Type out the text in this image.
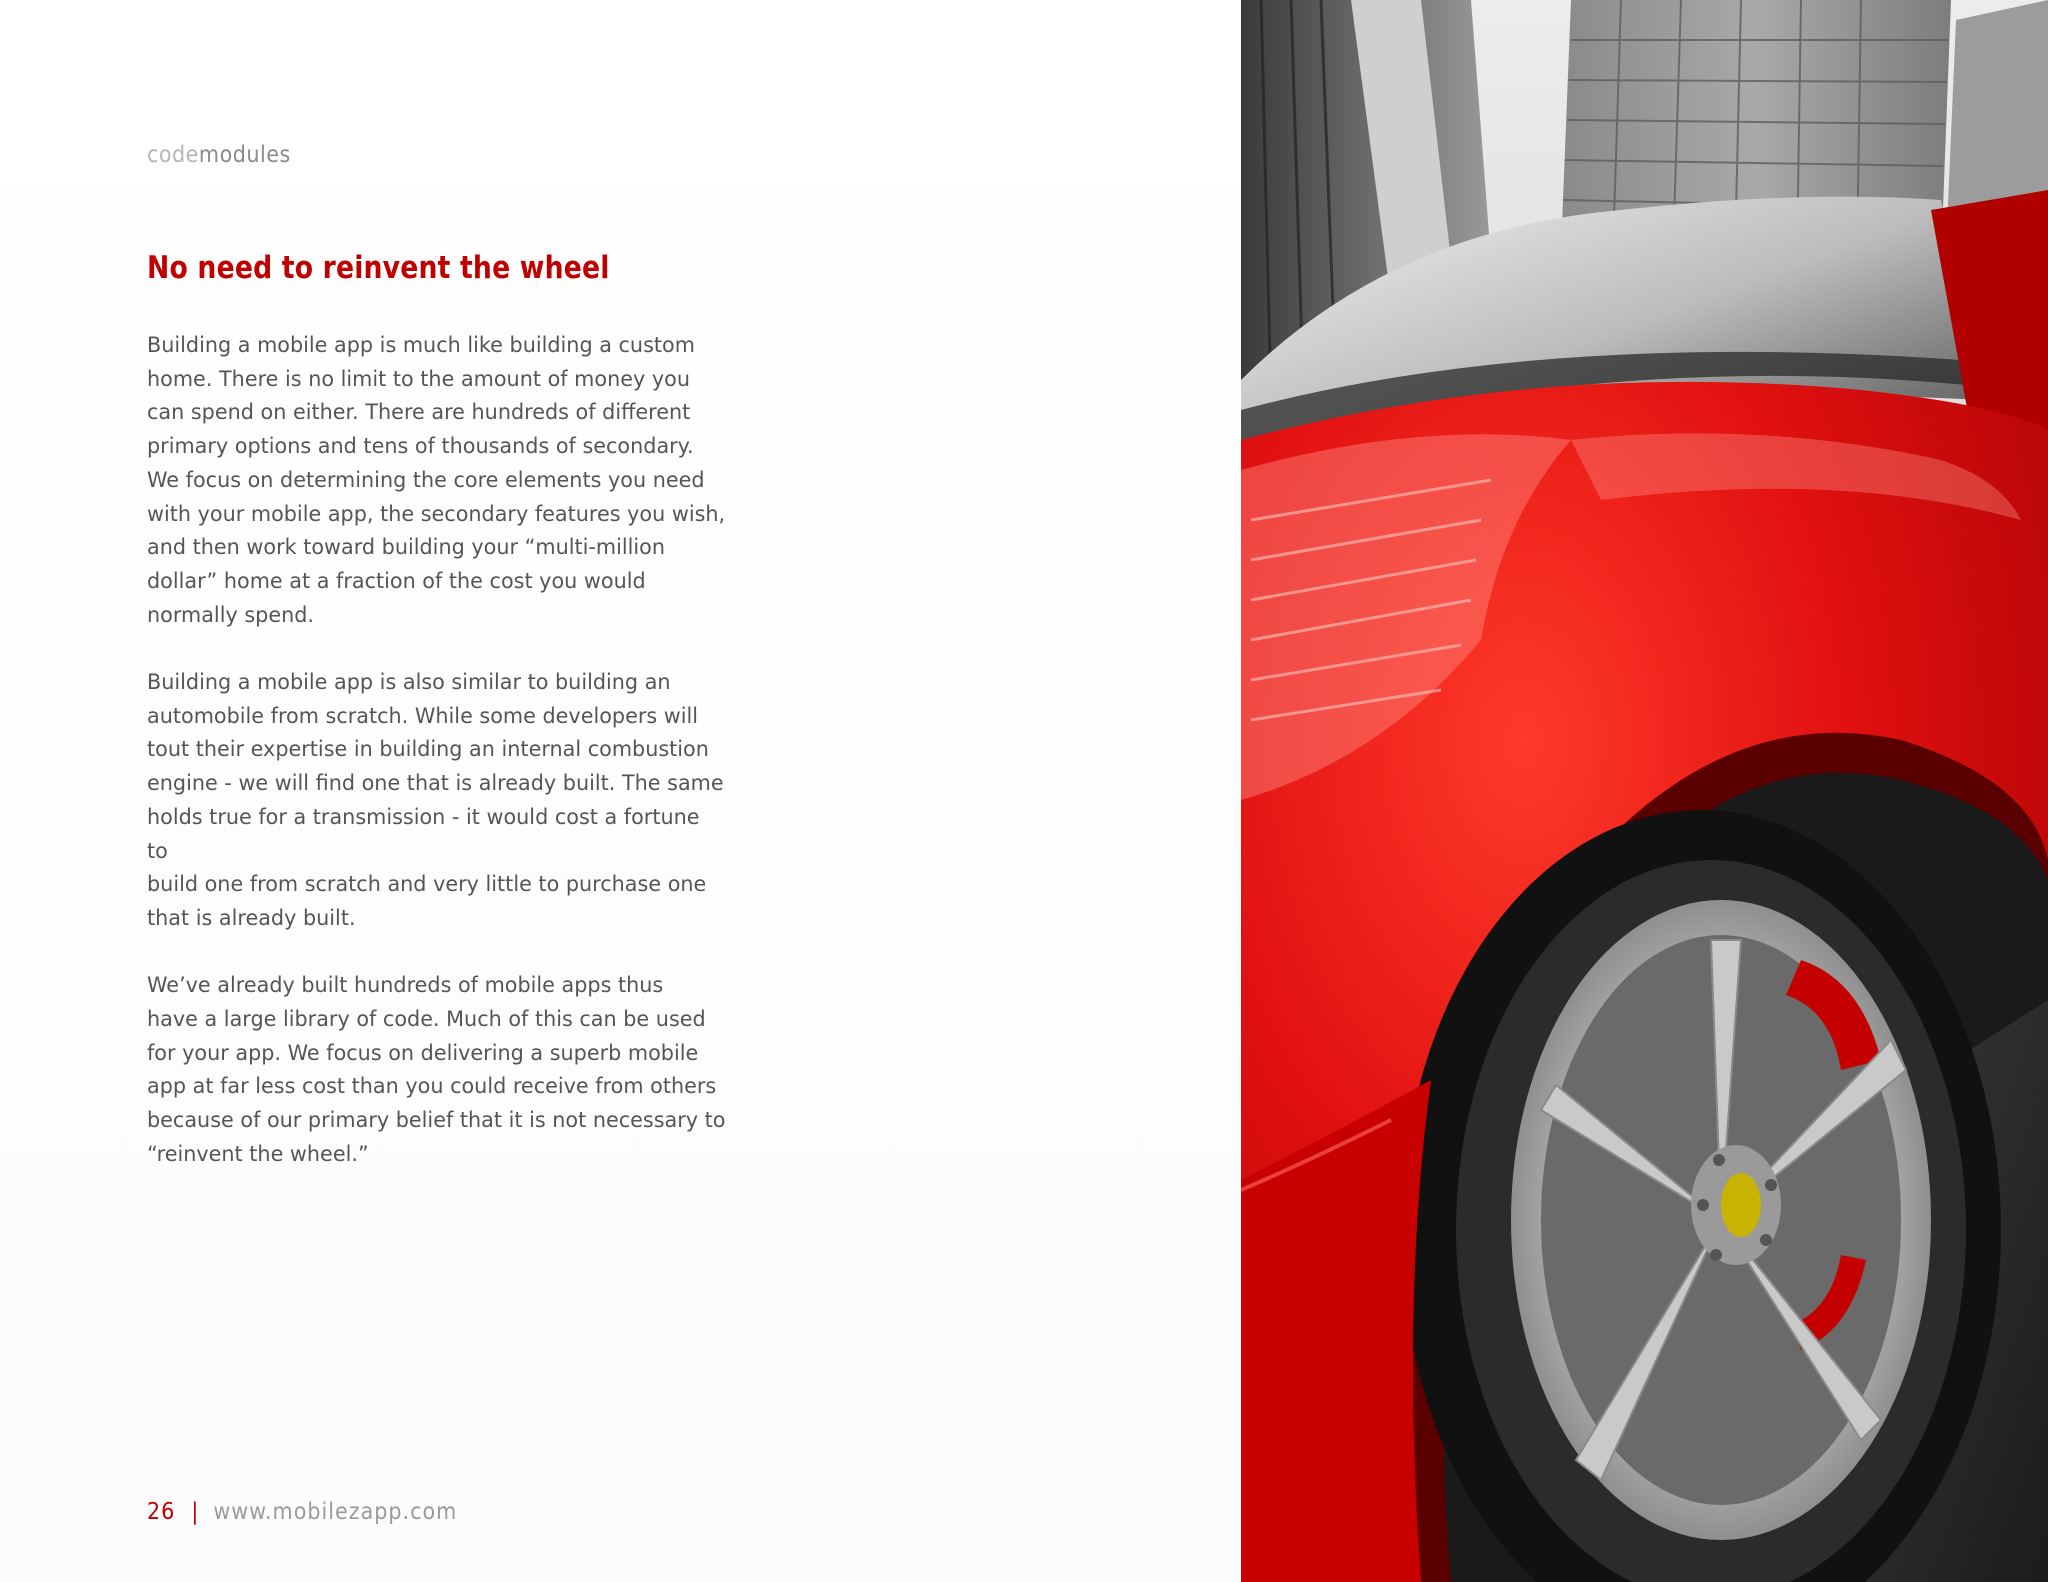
codemodules
No need to reinvent the wheel

Building a mobile app is much like building a custom
home. There is no limit to the amount of money you
can spend on either. There are hundreds of different
primary options and tens of thousands of secondary.
We focus on determining the core elements you need
with your mobile app, the secondary features you wish,
and then work toward building your “multi-million
dollar” home at a fraction of the cost you would
normally spend.

Building a mobile app is also similar to building an
automobile from scratch. While some developers will
tout their expertise in building an internal combustion
engine - we will find one that is already built. The same
holds true for a transmission - it would cost a fortune to
build one from scratch and very little to purchase one
that is already built.

We’ve already built hundreds of mobile apps thus
have a large library of code. Much of this can be used
for your app. We focus on delivering a superb mobile
app at far less cost than you could receive from others
because of our primary belief that it is not necessary to
“reinvent the wheel.”

26 | www.mobilezapp.com
